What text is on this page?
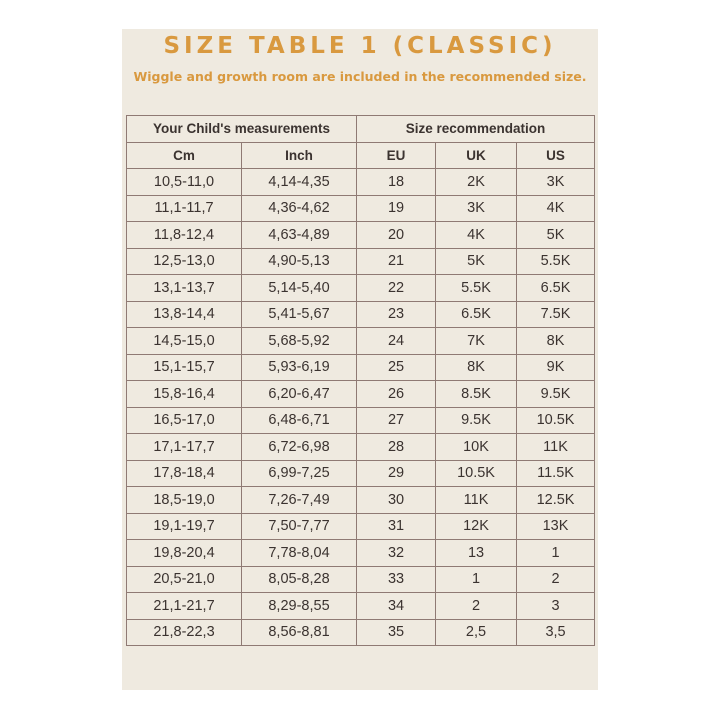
SIZE TABLE 1 (CLASSIC)
Wiggle and growth room are included in the recommended size.
Your Child's measurements		Size recommendation		
Cm	Inch	EU	UK	US
10,5-11,0	4,14-4,35	18	2K	3K
11,1-11,7	4,36-4,62	19	3K	4K
11,8-12,4	4,63-4,89	20	4K	5K
12,5-13,0	4,90-5,13	21	5K	5.5K
13,1-13,7	5,14-5,40	22	5.5K	6.5K
13,8-14,4	5,41-5,67	23	6.5K	7.5K
14,5-15,0	5,68-5,92	24	7K	8K
15,1-15,7	5,93-6,19	25	8K	9K
15,8-16,4	6,20-6,47	26	8.5K	9.5K
16,5-17,0	6,48-6,71	27	9.5K	10.5K
17,1-17,7	6,72-6,98	28	10K	11K
17,8-18,4	6,99-7,25	29	10.5K	11.5K
18,5-19,0	7,26-7,49	30	11K	12.5K
19,1-19,7	7,50-7,77	31	12K	13K
19,8-20,4	7,78-8,04	32	13	1
20,5-21,0	8,05-8,28	33	1	2
21,1-21,7	8,29-8,55	34	2	3
21,8-22,3	8,56-8,81	35	2,5	3,5
